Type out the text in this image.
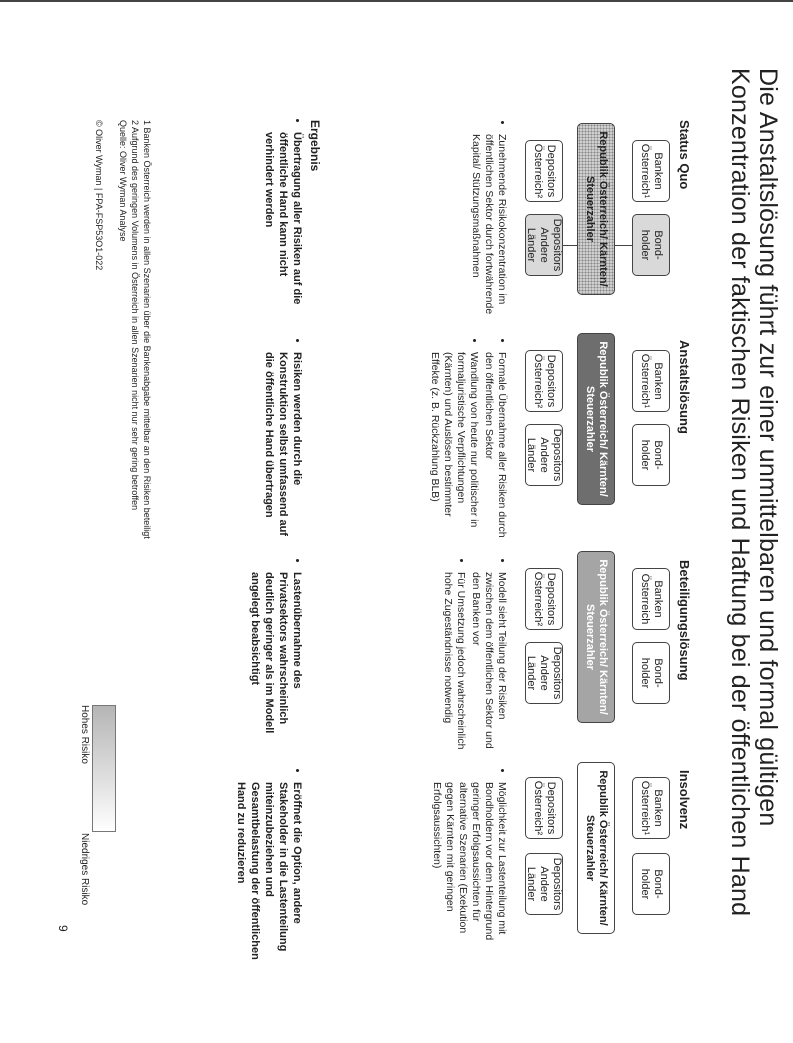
Die Anstaltslösung führt zur einer unmittelbaren und formal gültigen
Konzentration der faktischen Risiken und Haftung bei der öffentlichen Hand
Status Quo
Banken Österreich¹
Bond-holder
Republik Österreich/ Kärnten/ Steuerzahler
Depositors Österreich²
Depositors Andere Länder
• Zunehmende Risikokonzentration im öffentlichen Sektor durch fortwährende Kapital/ Stützungsmaßnahmen
Anstaltslösung
Banken Österreich¹
Bond-holder
Republik Österreich/ Kärnten/ Steuerzahler
Depositors Österreich²
Depositors Andere Länder
• Formale Übernahme aller Risiken durch den öffentlichen Sektor
• Wandlung von heute nur politischer in formaljuristische Verpflichtungen (Kärnten) und Auslösen bestimmter Effekte (z. B. Rückzahlung BLB)
Beteiligungslösung
Banken Österreich
Bond-holder
Republik Österreich/ Kärnten/ Steuerzahler
Depositors Österreich²
Depositors Andere Länder
• Modell sieht Teilung der Risiken zwischen dem öffentlichen Sektor und den Banken vor
• Für Umsetzung jedoch wahrscheinlich hohe Zugeständnisse notwendig
Insolvenz
Banken Österreich¹
Bond-holder
Republik Österreich/ Kärnten/ Steuerzahler
Depositors Österreich²
Depositors Andere Länder
• Möglichkeit zur Lastenteilung mit Bondholdern vor dem Hintergrund geringer Erfolgsaussichten für alternative Szenarien (Exekution gegen Kärnten mit geringen Erfolgsaussichten)
Ergebnis
• Übertragung aller Risiken auf die öffentliche Hand kann nicht verhindert werden
• Risiken werden durch die Konstruktion selbst umfassend auf die öffentliche Hand übertragen
• Lastenübernahme des Privatsektors wahrscheinlich deutlich geringer als im Modell angelegt beabsichtigt
• Eröffnet die Option, andere Stakeholder in die Lastenteilung miteinzubeziehen und Gesamtbelastung der öffentlichen Hand zu reduzieren
Hohes Risiko
Niedriges Risiko
1 Banken Österreich werden in allen Szenarien über die Bankenabgabe mittelbar an den Risiken beteiligt
2 Aufgrund des geringen Volumens in Österreich in allen Szenarien nicht nur sehr gering betroffen
Quelle: Oliver Wyman Analyse
© Oliver Wyman | FPA-FSP53O1-022
9
